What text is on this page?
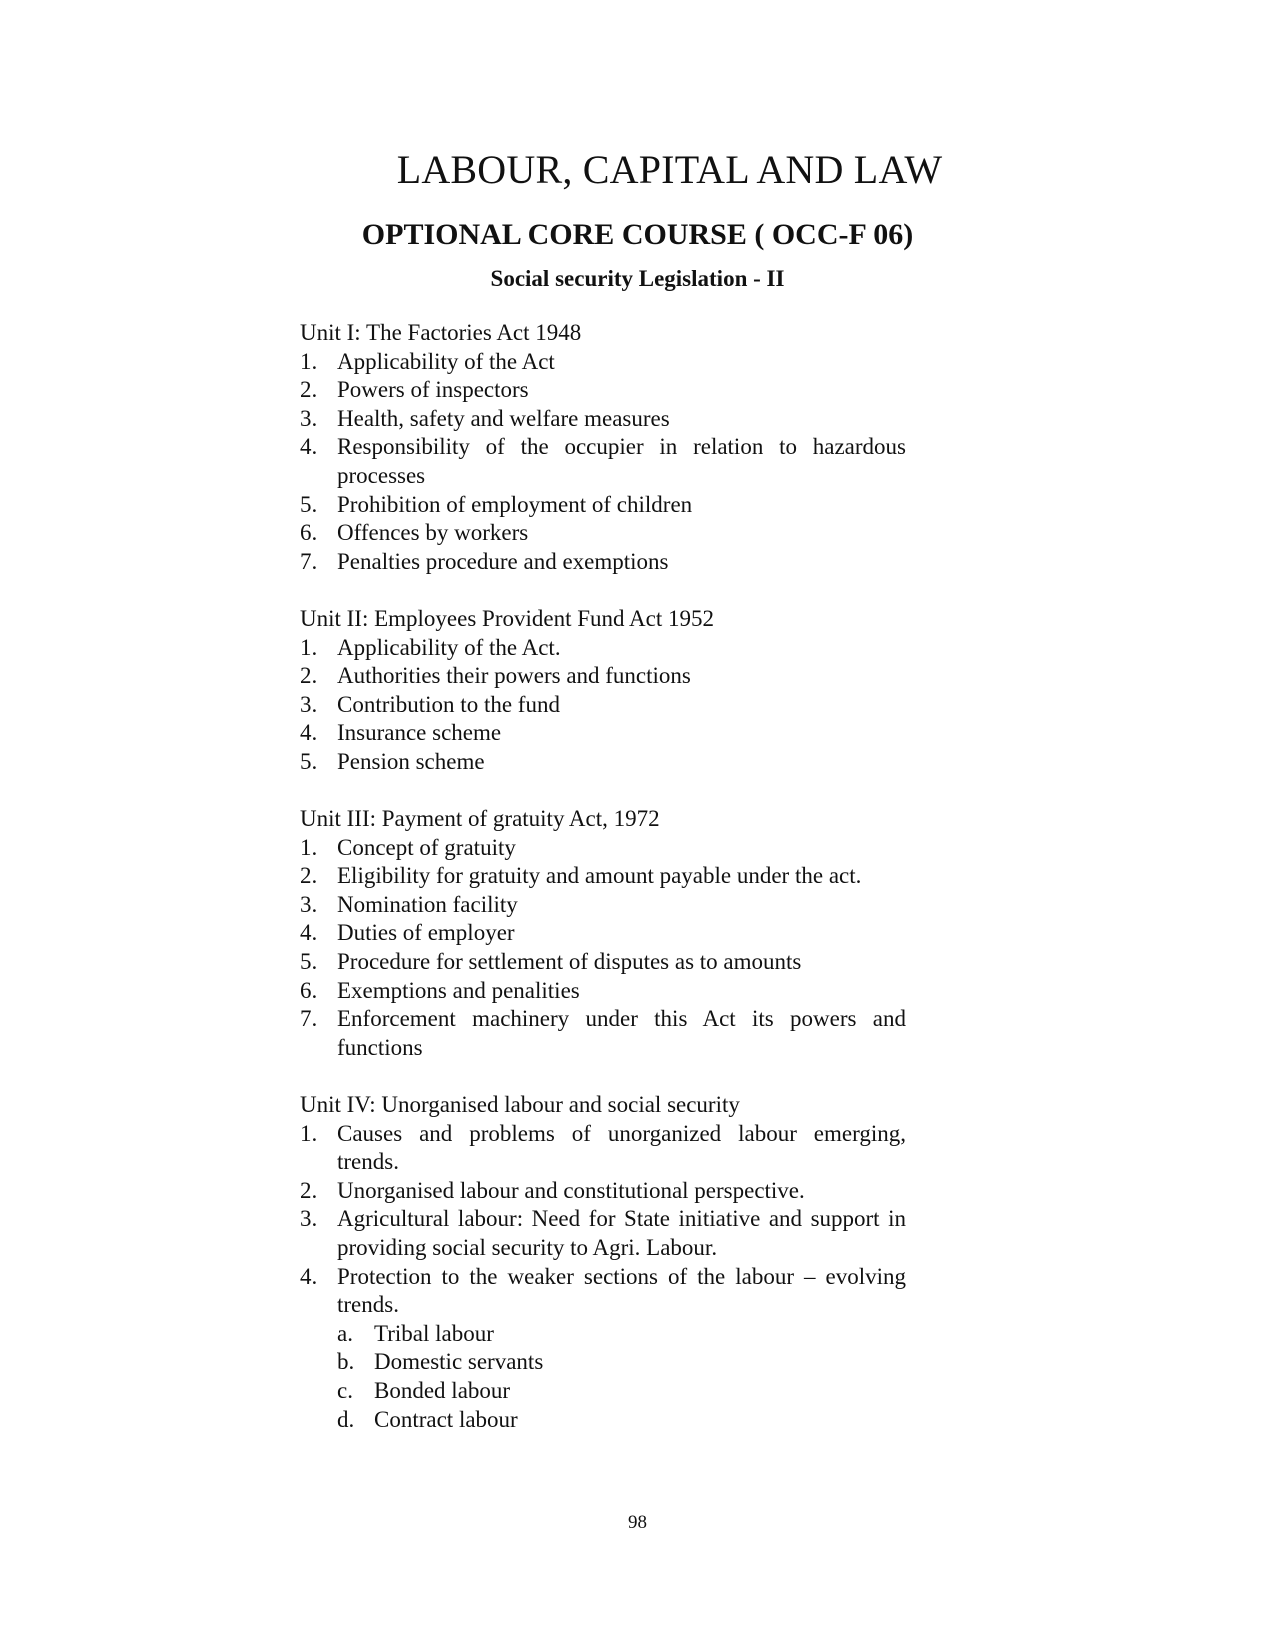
LABOUR, CAPITAL AND LAW
OPTIONAL CORE COURSE ( OCC-F 06)
Social security Legislation - II

Unit I: The Factories Act 1948

1. Applicability of the Act
2. Powers of inspectors
3. Health, safety and welfare measures
4. Responsibility of the occupier in relation to hazardous processes
5. Prohibition of employment of children
6. Offences by workers
7. Penalties procedure and exemptions

Unit II: Employees Provident Fund Act 1952

1. Applicability of the Act.
2. Authorities their powers and functions
3. Contribution to the fund
4. Insurance scheme
5. Pension scheme

Unit III: Payment of gratuity Act, 1972

1. Concept of gratuity
2. Eligibility for gratuity and amount payable under the act.
3. Nomination facility
4. Duties of employer
5. Procedure for settlement of disputes as to amounts
6. Exemptions and penalities
7. Enforcement machinery under this Act its powers and functions

Unit IV: Unorganised labour and social security

1. Causes and problems of unorganized labour emerging, trends.
2. Unorganised labour and constitutional perspective.
3. Agricultural labour: Need for State initiative and support in providing social security to Agri. Labour.
4. Protection to the weaker sections of the labour – evolving trends.
a. Tribal labour
b. Domestic servants
c. Bonded labour
d. Contract labour
98
